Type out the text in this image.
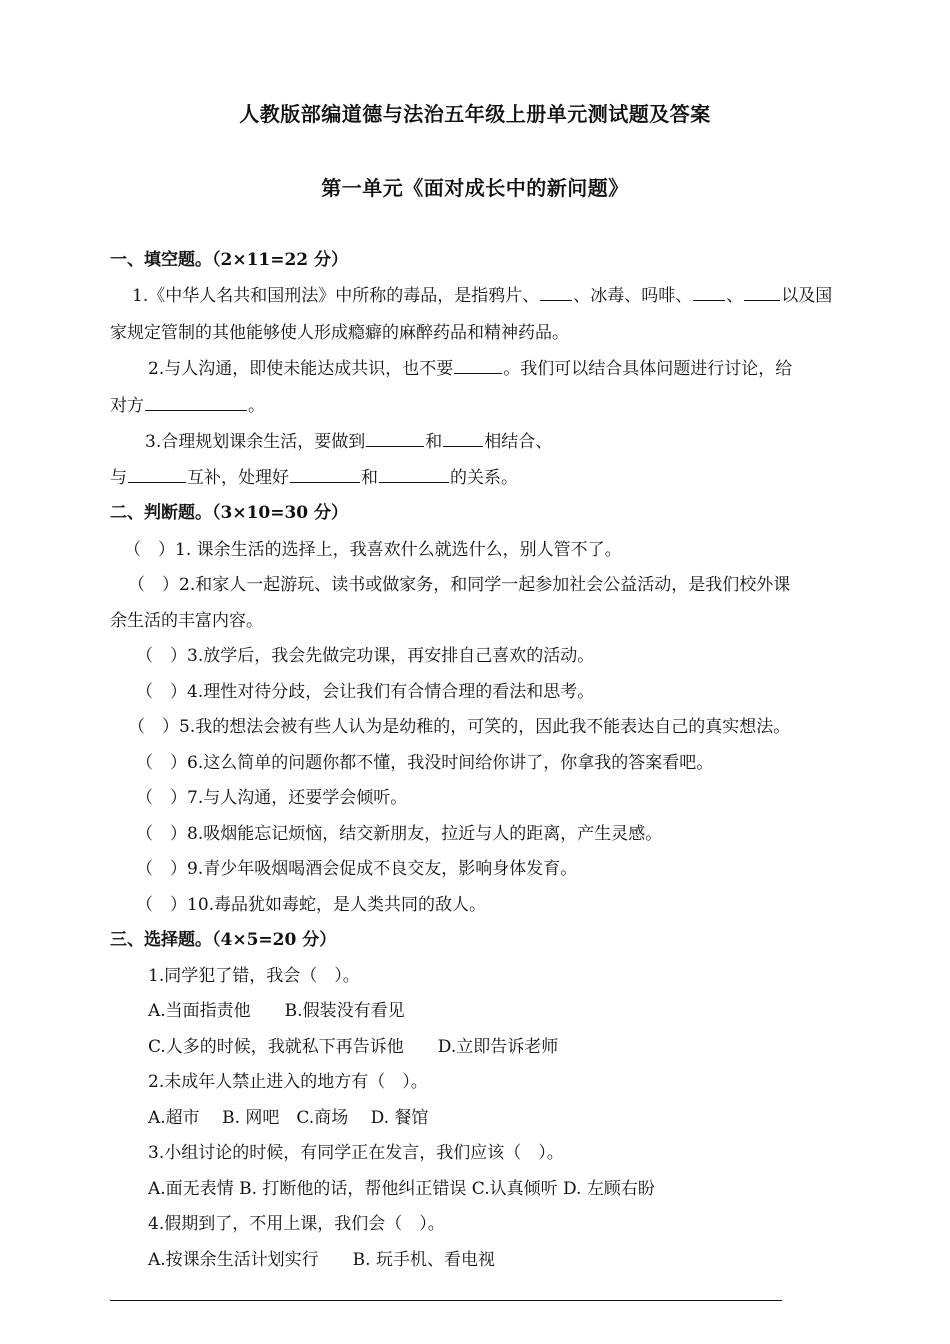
人教版部编道德与法治五年级上册单元测试题及答案
第一单元《面对成长中的新问题》
一、填空题。（2×11=22 分）
1.《中华人名共和国刑法》中所称的毒品，是指鸦片、 、冰毒、吗啡、 、 以及国
家规定管制的其他能够使人形成瘾癖的麻醉药品和精神药品。
2.与人沟通，即使未能达成共识，也不要	。我们可以结合具体问题进行讨论，给
对方	。
3.合理规划课余生活，要做到	和 相结合、
与	互补，处理好	和	的关系。
二、判断题。（3×10=30 分）
（　）1. 课余生活的选择上，我喜欢什么就选什么，别人管不了。
（　）2.和家人一起游玩、读书或做家务，和同学一起参加社会公益活动，是我们校外课
余生活的丰富内容。
（　）3.放学后，我会先做完功课，再安排自己喜欢的活动。
（　）4.理性对待分歧，会让我们有合情合理的看法和思考。
（　）5.我的想法会被有些人认为是幼稚的，可笑的，因此我不能表达自己的真实想法。
（　）6.这么简单的问题你都不懂，我没时间给你讲了，你拿我的答案看吧。
（　）7.与人沟通，还要学会倾听。
（　）8.吸烟能忘记烦恼，结交新朋友，拉近与人的距离，产生灵感。
（　）9.青少年吸烟喝酒会促成不良交友，影响身体发育。
（　）10.毒品犹如毒蛇，是人类共同的敌人。
三、选择题。（4×5=20 分）
1.同学犯了错，我会（　）。
A.当面指责他　　B.假装没有看见
C.人多的时候，我就私下再告诉他　　D.立即告诉老师
2.未成年人禁止进入的地方有（　）。
A.超市　 B. 网吧　C.商场　 D. 餐馆
3.小组讨论的时候，有同学正在发言，我们应该（　）。
A.面无表情 B. 打断他的话，帮他纠正错误 C.认真倾听 D. 左顾右盼
4.假期到了，不用上课，我们会（　）。
A.按课余生活计划实行　　B. 玩手机、看电视
